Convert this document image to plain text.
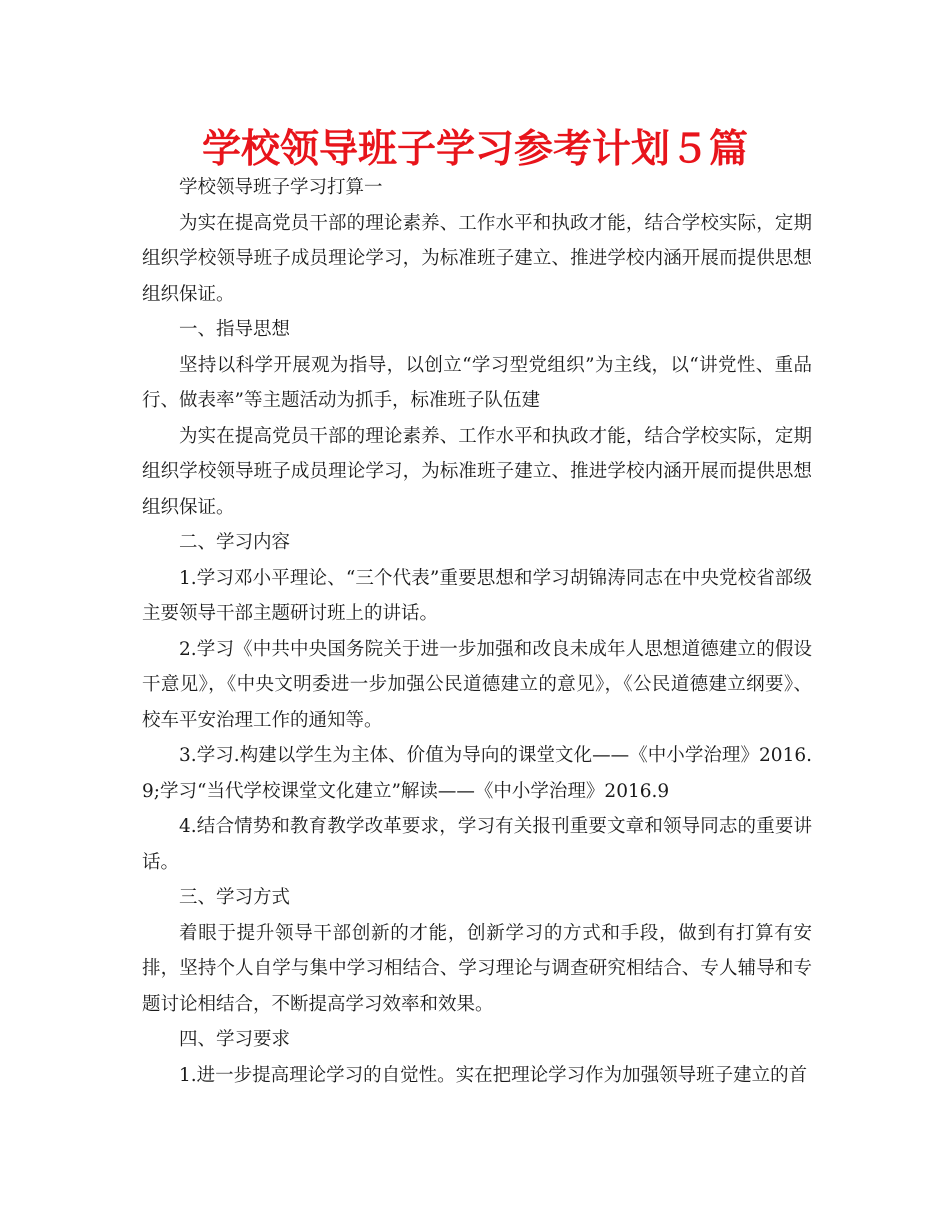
学校领导班子学习参考计划５篇

学校领导班子学习打算一

为实在提高党员干部的理论素养、工作水平和执政才能，结合学校实际，定期组织学校领导班子成员理论学习，为标准班子建立、推进学校内涵开展而提供思想组织保证。

一、指导思想

坚持以科学开展观为指导，以创立“学习型党组织”为主线，以“讲党性、重品行、做表率”等主题活动为抓手，标准班子队伍建

为实在提高党员干部的理论素养、工作水平和执政才能，结合学校实际，定期组织学校领导班子成员理论学习，为标准班子建立、推进学校内涵开展而提供思想组织保证。

二、学习内容

1.学习邓小平理论、“三个代表”重要思想和学习胡锦涛同志在中央党校省部级主要领导干部主题研讨班上的讲话。

2.学习《中共中央国务院关于进一步加强和改良未成年人思想道德建立的假设干意见》，《中央文明委进一步加强公民道德建立的意见》，《公民道德建立纲要》、校车平安治理工作的通知等。

3.学习.构建以学生为主体、价值为导向的课堂文化——《中小学治理》2016.9;学习“当代学校课堂文化建立”解读——《中小学治理》2016.9

4.结合情势和教育教学改革要求，学习有关报刊重要文章和领导同志的重要讲话。

三、学习方式

着眼于提升领导干部创新的才能，创新学习的方式和手段，做到有打算有安排，坚持个人自学与集中学习相结合、学习理论与调查研究相结合、专人辅导和专题讨论相结合，不断提高学习效率和效果。

四、学习要求

1.进一步提高理论学习的自觉性。实在把理论学习作为加强领导班子建立的首
